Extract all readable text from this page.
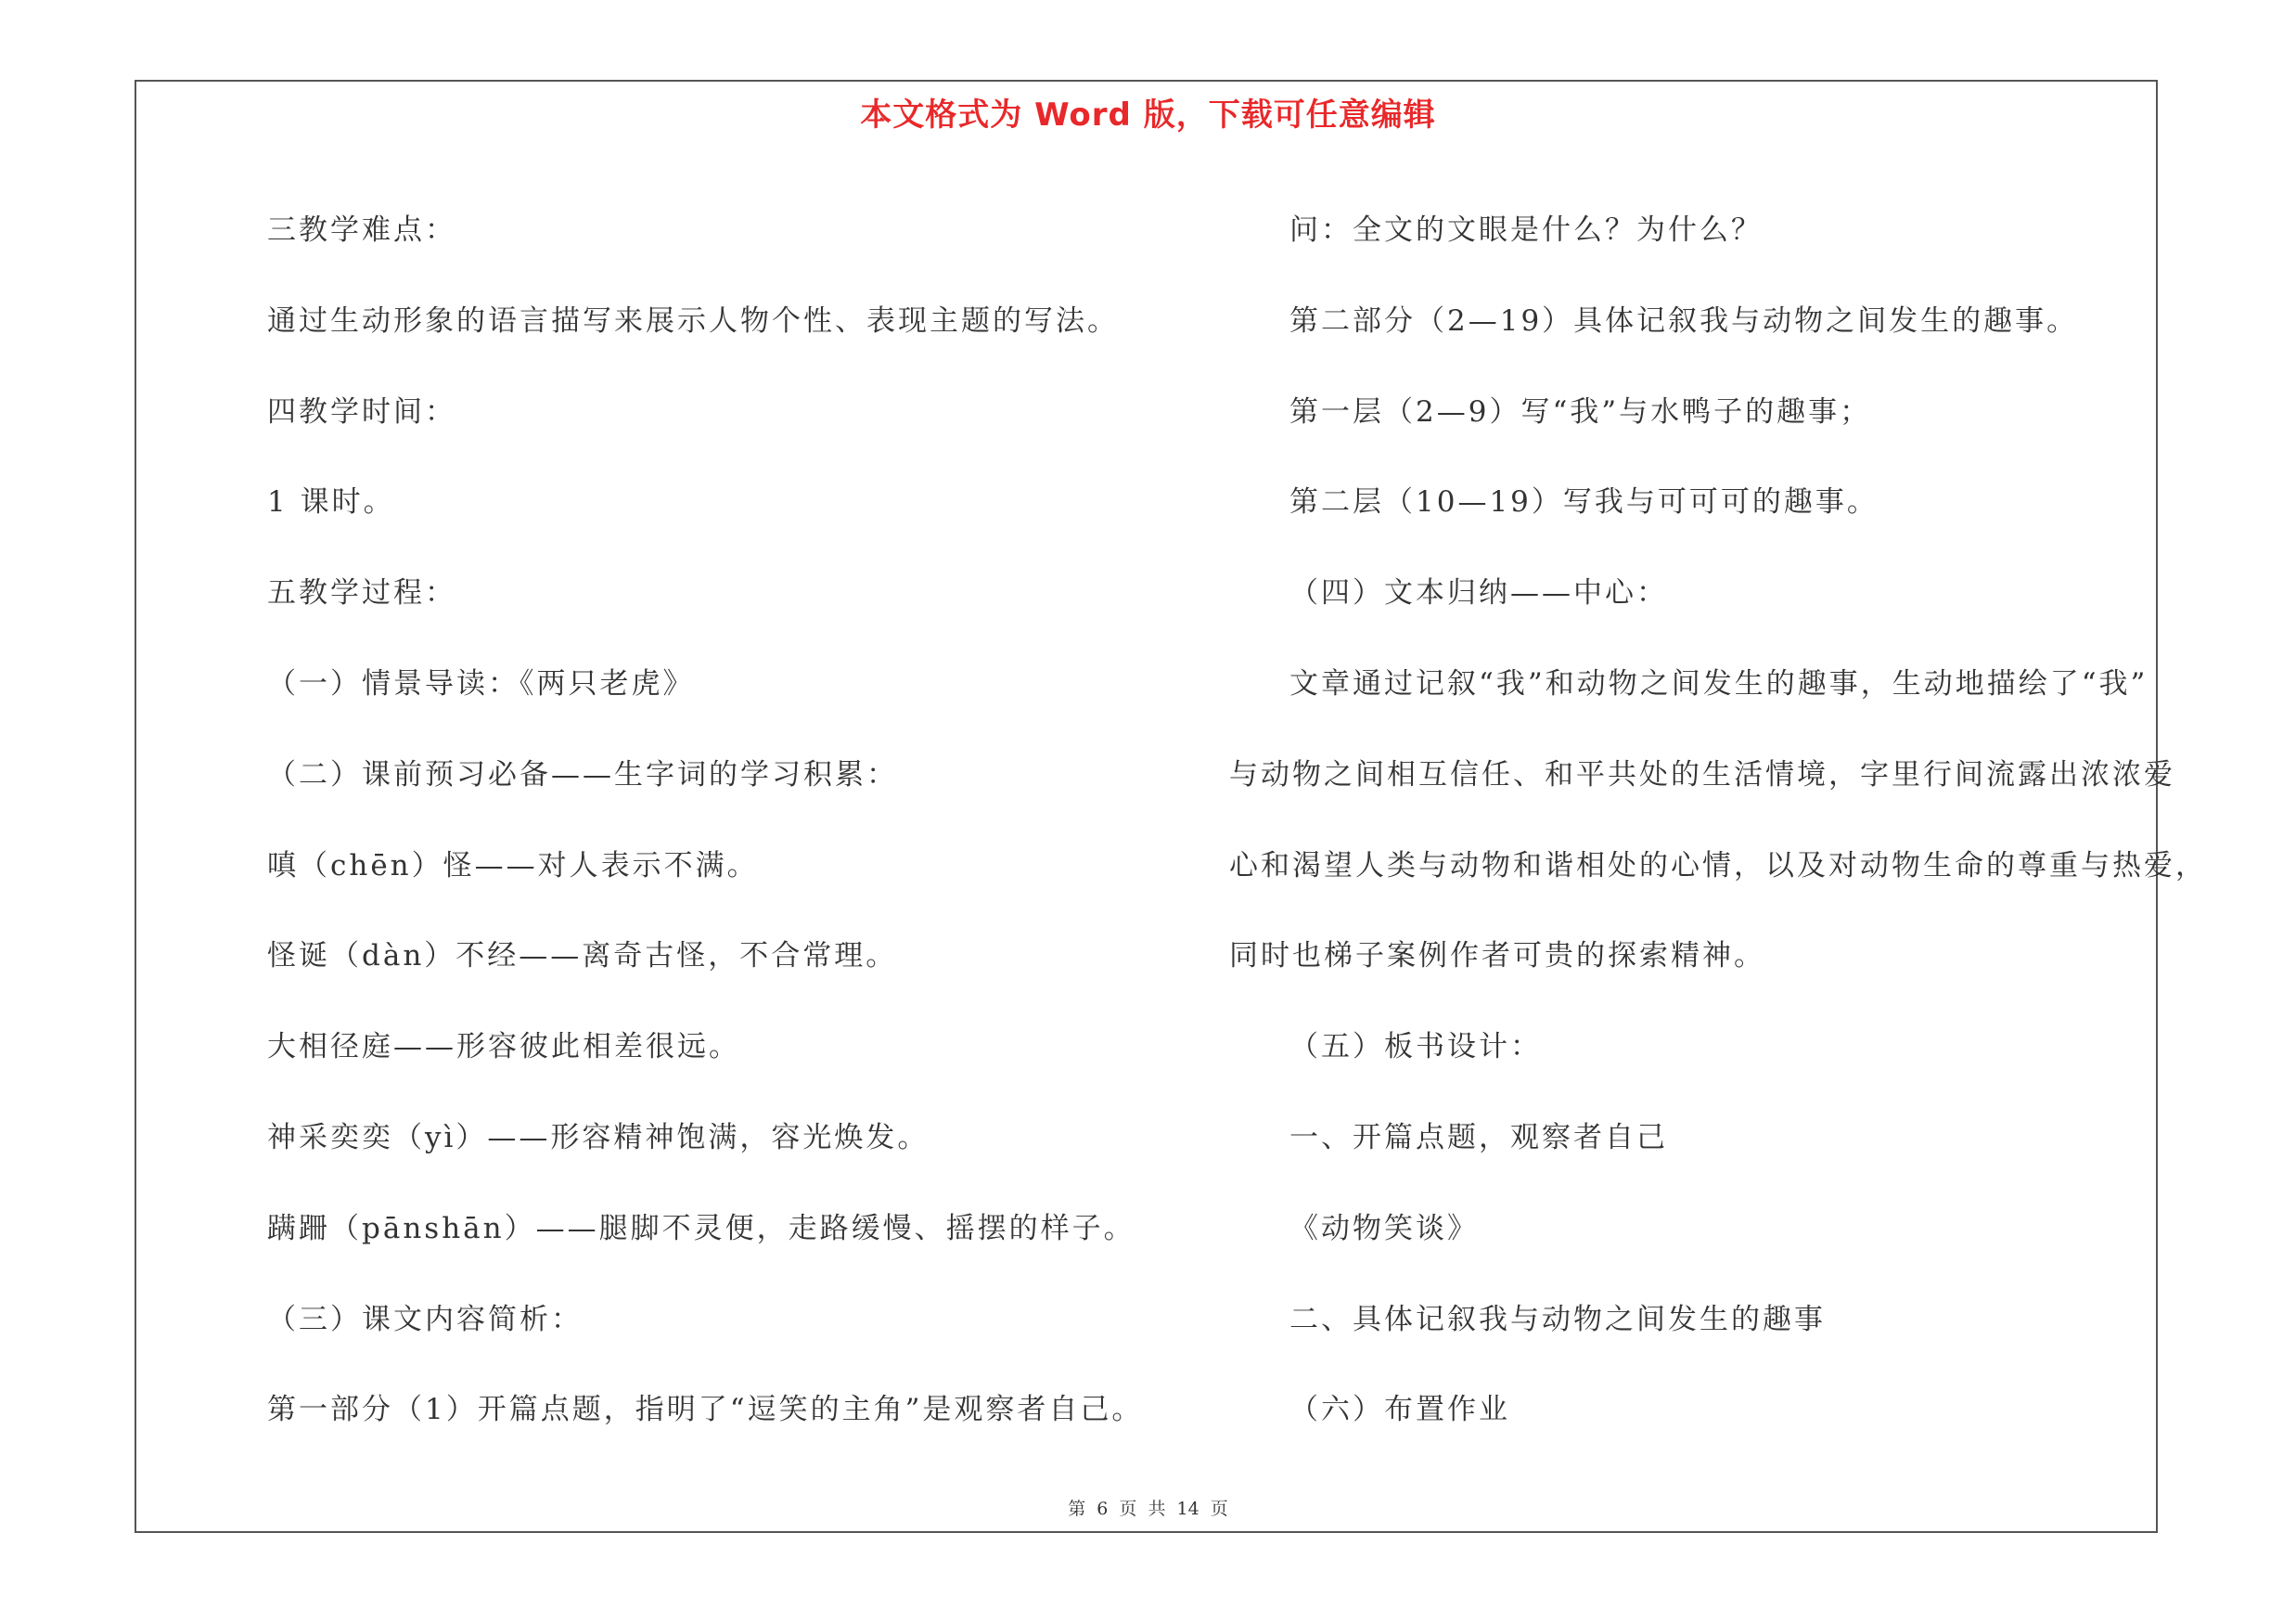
本文格式为 Word 版，下载可任意编辑
三教学难点：
通过生动形象的语言描写来展示人物个性、表现主题的写法。
四教学时间：
1 课时。
五教学过程：
（一）情景导读：《两只老虎》
（二）课前预习必备——生字词的学习积累：
嗔（chēn）怪——对人表示不满。
怪诞（dàn）不经——离奇古怪，不合常理。
大相径庭——形容彼此相差很远。
神采奕奕（yì）——形容精神饱满，容光焕发。
蹒跚（pānshān）——腿脚不灵便，走路缓慢、摇摆的样子。
（三）课文内容简析：
第一部分（1）开篇点题，指明了“逗笑的主角”是观察者自己。
问：全文的文眼是什么？为什么？
第二部分（2—19）具体记叙我与动物之间发生的趣事。
第一层（2—9）写“我”与水鸭子的趣事；
第二层（10—19）写我与可可可的趣事。
（四）文本归纳——中心：
文章通过记叙“我”和动物之间发生的趣事，生动地描绘了“我”
与动物之间相互信任、和平共处的生活情境，字里行间流露出浓浓爱
心和渴望人类与动物和谐相处的心情，以及对动物生命的尊重与热爱，
同时也梯子案例作者可贵的探索精神。
（五）板书设计：
一、开篇点题，观察者自己
《动物笑谈》
二、具体记叙我与动物之间发生的趣事
（六）布置作业
第 6 页 共 14 页
